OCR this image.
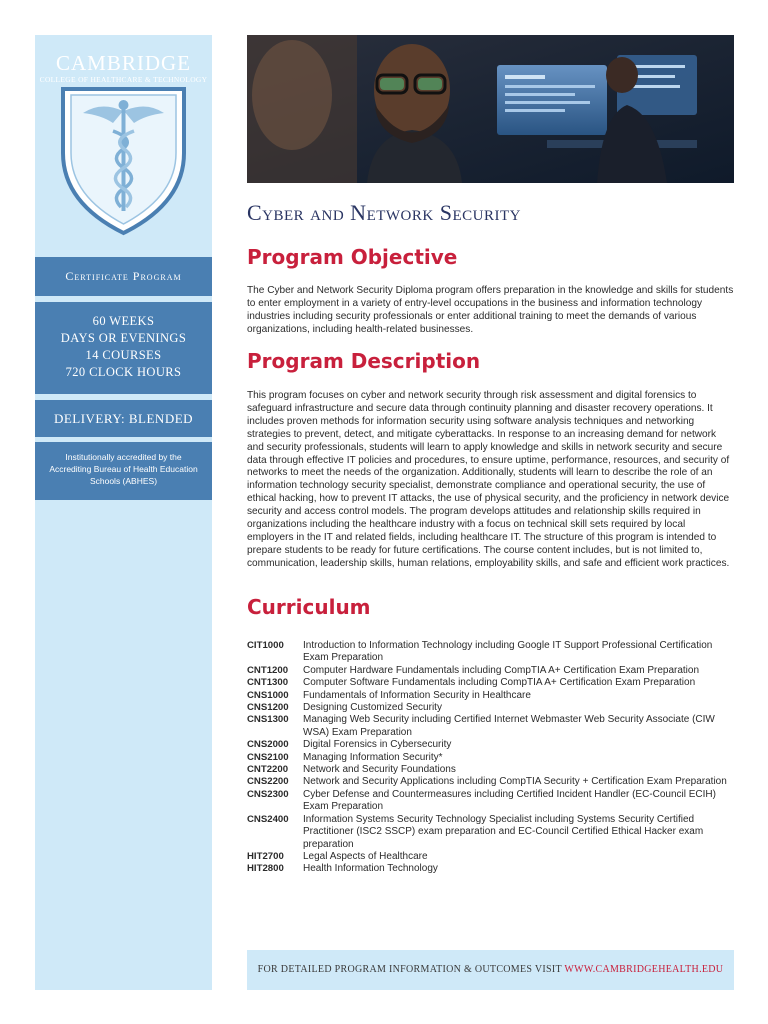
CAMBRIDGE
COLLEGE OF HEALTHCARE & TECHNOLOGY
Certificate Program
60 WEEKS
DAYS OR EVENINGS
14 COURSES
720 CLOCK HOURS
DELIVERY: BLENDED
Institutionally accredited by the Accrediting Bureau of Health Education Schools (ABHES)
Cyber and Network Security
Program Objective
The Cyber and Network Security Diploma program offers preparation in the knowledge and skills for students to enter employment in a variety of entry-level occupations in the business and information technology industries including security professionals or enter additional training to meet the demands of various organizations, including health-related businesses.
Program Description
This program focuses on cyber and network security through risk assessment and digital forensics to safeguard infrastructure and secure data through continuity planning and disaster recovery operations. It includes proven methods for information security using software analysis techniques and networking strategies to prevent, detect, and mitigate cyberattacks. In response to an increasing demand for network and security professionals, students will learn to apply knowledge and skills in network security and secure data through effective IT policies and procedures, to ensure uptime, performance, resources, and security of networks to meet the needs of the organization. Additionally, students will learn to describe the role of an information technology security specialist, demonstrate compliance and operational security, the use of ethical hacking, how to prevent IT attacks, the use of physical security, and the proficiency in network device security and access control models. The program develops attitudes and relationship skills required in organizations including the healthcare industry with a focus on technical skill sets required by local employers in the IT and related fields, including healthcare IT. The structure of this program is intended to prepare students to be ready for future certifications. The course content includes, but is not limited to, communication, leadership skills, human relations, employability skills, and safe and efficient work practices.
Curriculum
CIT1000	Introduction to Information Technology including Google IT Support Professional Certification Exam Preparation
CNT1200	Computer Hardware Fundamentals including CompTIA A+ Certification Exam Preparation
CNT1300	Computer Software Fundamentals including CompTIA A+ Certification Exam Preparation
CNS1000	Fundamentals of Information Security in Healthcare
CNS1200	Designing Customized Security
CNS1300	Managing Web Security including Certified Internet Webmaster Web Security Associate (CIW WSA) Exam Preparation
CNS2000	Digital Forensics in Cybersecurity
CNS2100	Managing Information Security*
CNT2200	Network and Security Foundations
CNS2200	Network and Security Applications including CompTIA Security + Certification Exam Preparation
CNS2300	Cyber Defense and Countermeasures including Certified Incident Handler (EC-Council ECIH) Exam Preparation
CNS2400	Information Systems Security Technology Specialist including Systems Security Certified Practitioner (ISC2 SSCP) exam preparation and EC-Council Certified Ethical Hacker exam preparation
HIT2700	Legal Aspects of Healthcare
HIT2800	Health Information Technology
FOR DETAILED PROGRAM INFORMATION & OUTCOMES VISIT WWW.CAMBRIDGEHEALTH.EDU
